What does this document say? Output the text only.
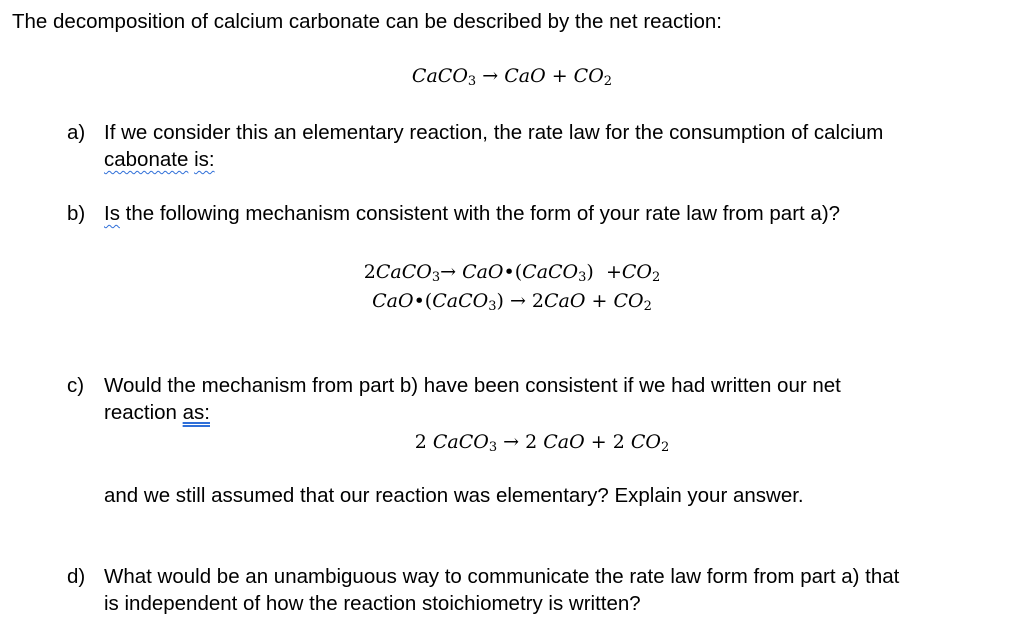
The decomposition of calcium carbonate can be described by the net reaction:
CaCO$_3$ → CaO + $CO_2$
a) If we consider this an elementary reaction, the rate law for the consumption of calcium
cabonate is:
b) Is the following mechanism consistent with the form of your rate law from part a)?
2CaCO$_3$→ CaO•(CaCO$_3$) $+CO_2$
CaO•(CaCO$_3$) → $2CaO + CO_2$
c) Would the mechanism from part b) have been consistent if we had written our net
reaction as:
2 CaCO$_3$ → 2 CaO + 2 $CO_2$
and we still assumed that our reaction was elementary? Explain your answer.
d) What would be an unambiguous way to communicate the rate law form from part a) that
is independent of how the reaction stoichiometry is written?
